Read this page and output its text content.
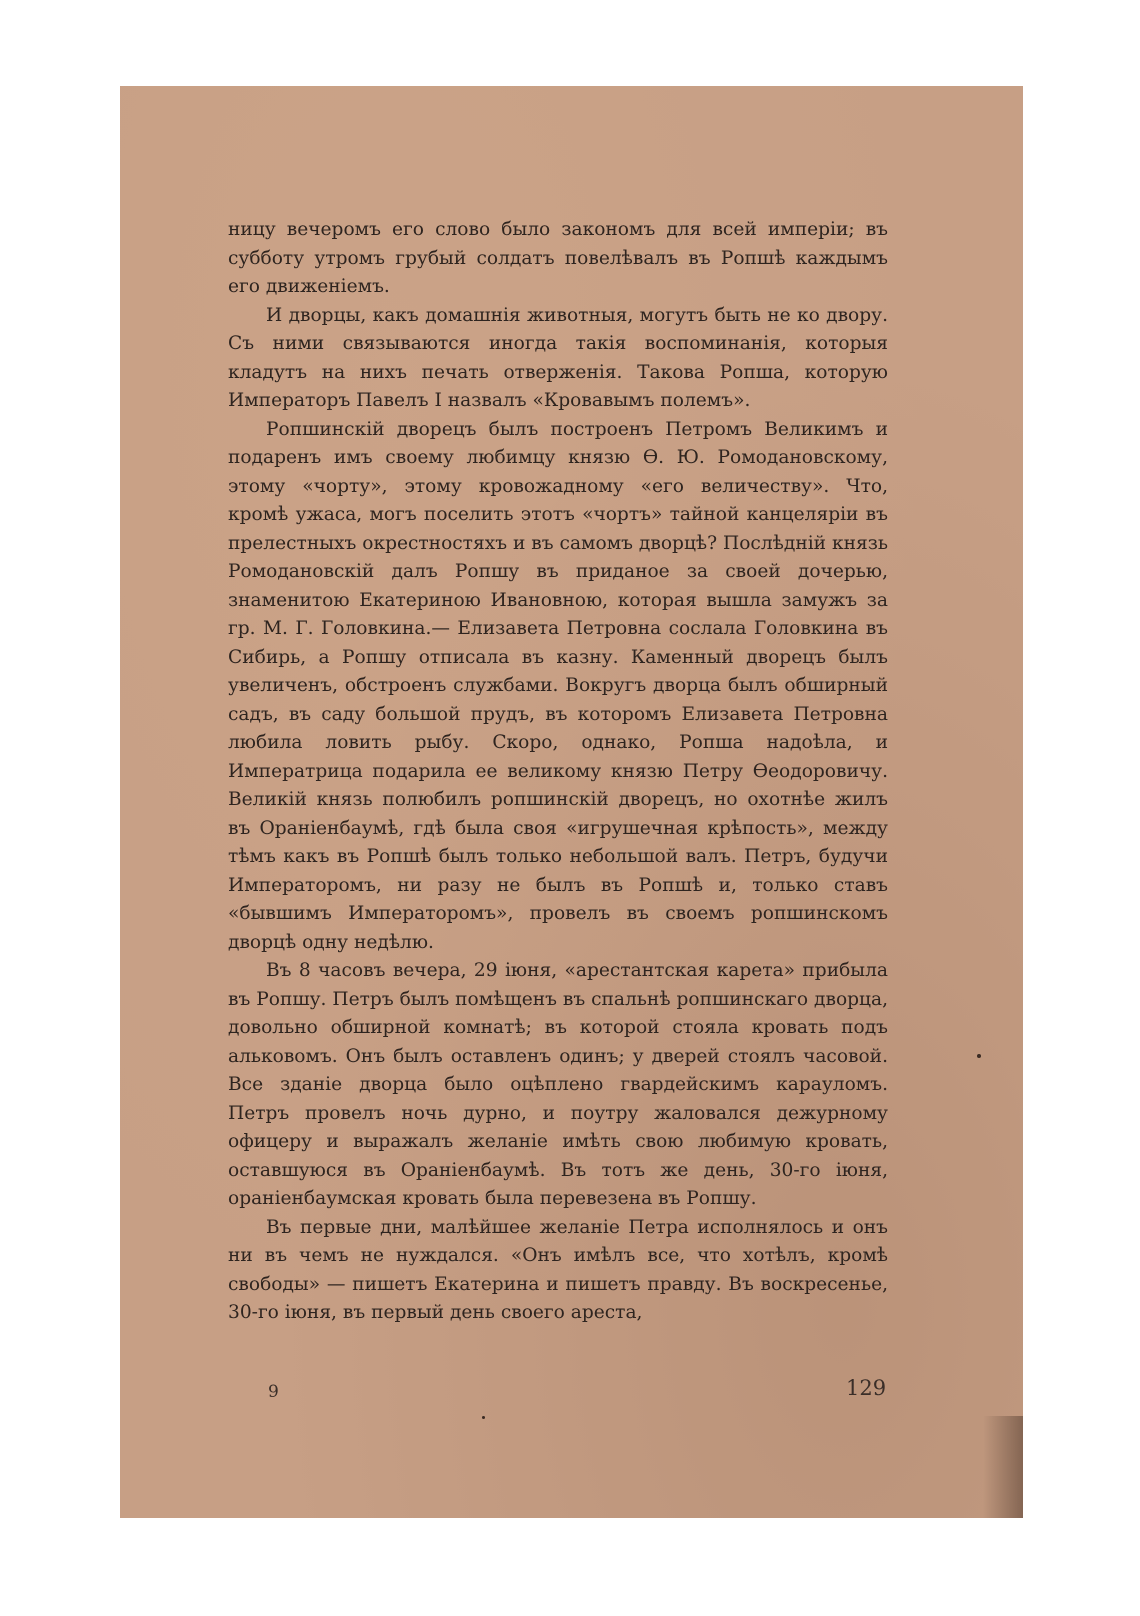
ницу вечеромъ его слово было закономъ для всей имперіи; въ субботу утромъ грубый солдатъ повелѣвалъ въ Ропшѣ каждымъ его движеніемъ.

И дворцы, какъ домашнія животныя, могутъ быть не ко двору. Съ ними связываются иногда такія воспоминанія, которыя кладутъ на нихъ печать отверженія. Такова Ропша, которую Императоръ Павелъ I назвалъ «Кровавымъ полемъ».

Ропшинскій дворецъ былъ построенъ Петромъ Великимъ и подаренъ имъ своему любимцу князю Ѳ. Ю. Ромодановскому, этому «чорту», этому кровожадному «его величеству». Что, кромѣ ужаса, могъ поселить этотъ «чортъ» тайной канцеляріи въ прелестныхъ окрестностяхъ и въ самомъ дворцѣ? Послѣдній князь Ромодановскій далъ Ропшу въ приданое за своей дочерью, знаменитою Екатериною Ивановною, которая вышла замужъ за гр. М. Г. Головкина.— Елизавета Петровна сослала Головкина въ Сибирь, а Ропшу отписала въ казну. Каменный дворецъ былъ увеличенъ, обстроенъ службами. Вокругъ дворца былъ обширный садъ, въ саду большой прудъ, въ которомъ Елизавета Петровна любила ловить рыбу. Скоро, однако, Ропша надоѣла, и Императрица подарила ее великому князю Петру Ѳеодоровичу. Великій князь полюбилъ ропшинскій дворецъ, но охотнѣе жилъ въ Ораніенбаумѣ, гдѣ была своя «игрушечная крѣпость», между тѣмъ какъ въ Ропшѣ былъ только небольшой валъ. Петръ, будучи Императоромъ, ни разу не былъ въ Ропшѣ и, только ставъ «бывшимъ Императоромъ», провелъ въ своемъ ропшинскомъ дворцѣ одну недѣлю.

Въ 8 часовъ вечера, 29 іюня, «арестантская карета» прибыла въ Ропшу. Петръ былъ помѣщенъ въ спальнѣ ропшинскаго дворца, довольно обширной комнатѣ; въ которой стояла кровать подъ альковомъ. Онъ былъ оставленъ одинъ; у дверей стоялъ часовой. Все зданіе дворца было оцѣплено гвардейскимъ карауломъ. Петръ провелъ ночь дурно, и поутру жаловался дежурному офицеру и выражалъ желаніе имѣть свою любимую кровать, оставшуюся въ Ораніенбаумѣ. Въ тотъ же день, 30-го іюня, ораніенбаумская кровать была перевезена въ Ропшу.

Въ первые дни, малѣйшее желаніе Петра исполнялось и онъ ни въ чемъ не нуждался. «Онъ имѣлъ все, что хотѣлъ, кромѣ свободы» — пишетъ Екатерина и пишетъ правду. Въ воскресенье, 30-го іюня, въ первый день своего ареста,

9	129
